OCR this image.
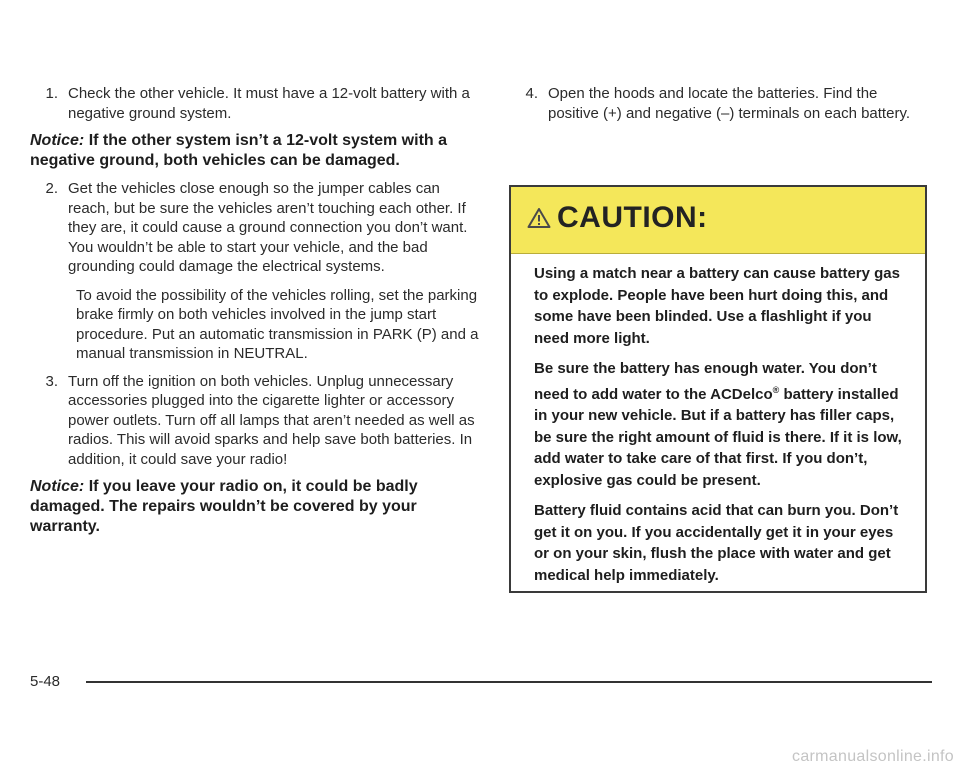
1. Check the other vehicle. It must have a 12-volt battery with a negative ground system.

Notice: If the other system isn’t a 12-volt system with a negative ground, both vehicles can be damaged.

2. Get the vehicles close enough so the jumper cables can reach, but be sure the vehicles aren’t touching each other. If they are, it could cause a ground connection you don’t want. You wouldn’t be able to start your vehicle, and the bad grounding could damage the electrical systems.

To avoid the possibility of the vehicles rolling, set the parking brake firmly on both vehicles involved in the jump start procedure. Put an automatic transmission in PARK (P) and a manual transmission in NEUTRAL.

3. Turn off the ignition on both vehicles. Unplug unnecessary accessories plugged into the cigarette lighter or accessory power outlets. Turn off all lamps that aren’t needed as well as radios. This will avoid sparks and help save both batteries. In addition, it could save your radio!

Notice: If you leave your radio on, it could be badly damaged. The repairs wouldn’t be covered by your warranty.

4. Open the hoods and locate the batteries. Find the positive (+) and negative (–) terminals on each battery.

CAUTION:

Using a match near a battery can cause battery gas to explode. People have been hurt doing this, and some have been blinded. Use a flashlight if you need more light.

Be sure the battery has enough water. You don’t need to add water to the ACDelco® battery installed in your new vehicle. But if a battery has filler caps, be sure the right amount of fluid is there. If it is low, add water to take care of that first. If you don’t, explosive gas could be present.

Battery fluid contains acid that can burn you. Don’t get it on you. If you accidentally get it in your eyes or on your skin, flush the place with water and get medical help immediately.

5-48
carmanualsonline.info
